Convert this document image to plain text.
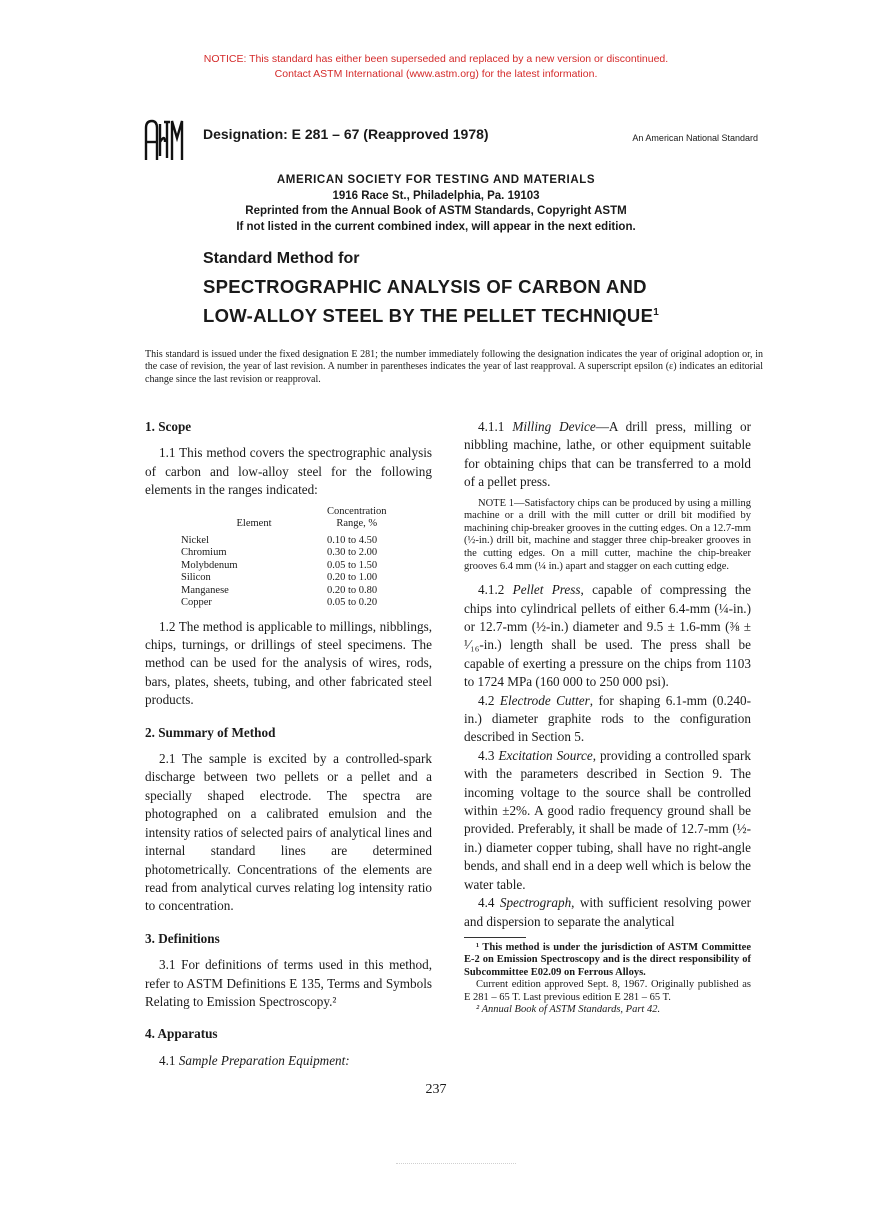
NOTICE: This standard has either been superseded and replaced by a new version or discontinued.
Contact ASTM International (www.astm.org) for the latest information.
Designation: E 281 – 67 (Reapproved 1978)	An American National Standard
AMERICAN SOCIETY FOR TESTING AND MATERIALS
1916 Race St., Philadelphia, Pa. 19103
Reprinted from the Annual Book of ASTM Standards, Copyright ASTM
If not listed in the current combined index, will appear in the next edition.
Standard Method for
SPECTROGRAPHIC ANALYSIS OF CARBON AND
LOW-ALLOY STEEL BY THE PELLET TECHNIQUE$^1$
This standard is issued under the fixed designation E 281; the number immediately following the designation indicates the year of original adoption or, in the case of revision, the year of last revision. A number in parentheses indicates the year of last reapproval. A superscript epsilon (ε) indicates an editorial change since the last revision or reapproval.

1. Scope

1.1 This method covers the spectrographic analysis of carbon and low-alloy steel for the following elements in the ranges indicated:

	Concentration
Element	Range, %

Nickel	0.10 to 4.50
Chromium	0.30 to 2.00
Molybdenum	0.05 to 1.50
Silicon	0.20 to 1.00
Manganese	0.20 to 0.80
Copper	0.05 to 0.20

1.2 The method is applicable to millings, nibblings, chips, turnings, or drillings of steel specimens. The method can be used for the analysis of wires, rods, bars, plates, sheets, tubing, and other fabricated steel products.

2. Summary of Method

2.1 The sample is excited by a controlled-spark discharge between two pellets or a pellet and a specially shaped electrode. The spectra are photographed on a calibrated emulsion and the intensity ratios of selected pairs of analytical lines and internal standard lines are determined photometrically. Concentrations of the elements are read from analytical curves relating log intensity ratio to concentration.

3. Definitions

3.1 For definitions of terms used in this method, refer to ASTM Definitions E 135, Terms and Symbols Relating to Emission Spectroscopy.²

4. Apparatus

4.1 Sample Preparation Equipment:

4.1.1 Milling Device—A drill press, milling or nibbling machine, lathe, or other equipment suitable for obtaining chips that can be transferred to a mold of a pellet press.

NOTE 1—Satisfactory chips can be produced by using a milling machine or a drill with the mill cutter or drill bit modified by machining chip-breaker grooves in the cutting edges. On a 12.7-mm (½-in.) drill bit, machine and stagger three chip-breaker grooves in the cutting edges. On a mill cutter, machine the chip-breaker grooves 6.4 mm (¼ in.) apart and stagger on each cutting edge.

4.1.2 Pellet Press, capable of compressing the chips into cylindrical pellets of either 6.4-mm (¼-in.) or 12.7-mm (½-in.) diameter and 9.5 ± 1.6-mm (⅜ ± ¹⁄₁₆-in.) length shall be used. The press shall be capable of exerting a pressure on the chips from 1103 to 1724 MPa (160 000 to 250 000 psi).

4.2 Electrode Cutter, for shaping 6.1-mm (0.240-in.) diameter graphite rods to the configuration described in Section 5.

4.3 Excitation Source, providing a controlled spark with the parameters described in Section 9. The incoming voltage to the source shall be controlled within ±2%. A good radio frequency ground shall be provided. Preferably, it shall be made of 12.7-mm (½-in.) diameter copper tubing, shall have no right-angle bends, and shall end in a deep well which is below the water table.

4.4 Spectrograph, with sufficient resolving power and dispersion to separate the analytical

¹ This method is under the jurisdiction of ASTM Committee E-2 on Emission Spectroscopy and is the direct responsibility of Subcommittee E02.09 on Ferrous Alloys.

Current edition approved Sept. 8, 1967. Originally published as E 281 – 65 T. Last previous edition E 281 – 65 T.

² Annual Book of ASTM Standards, Part 42.

237
